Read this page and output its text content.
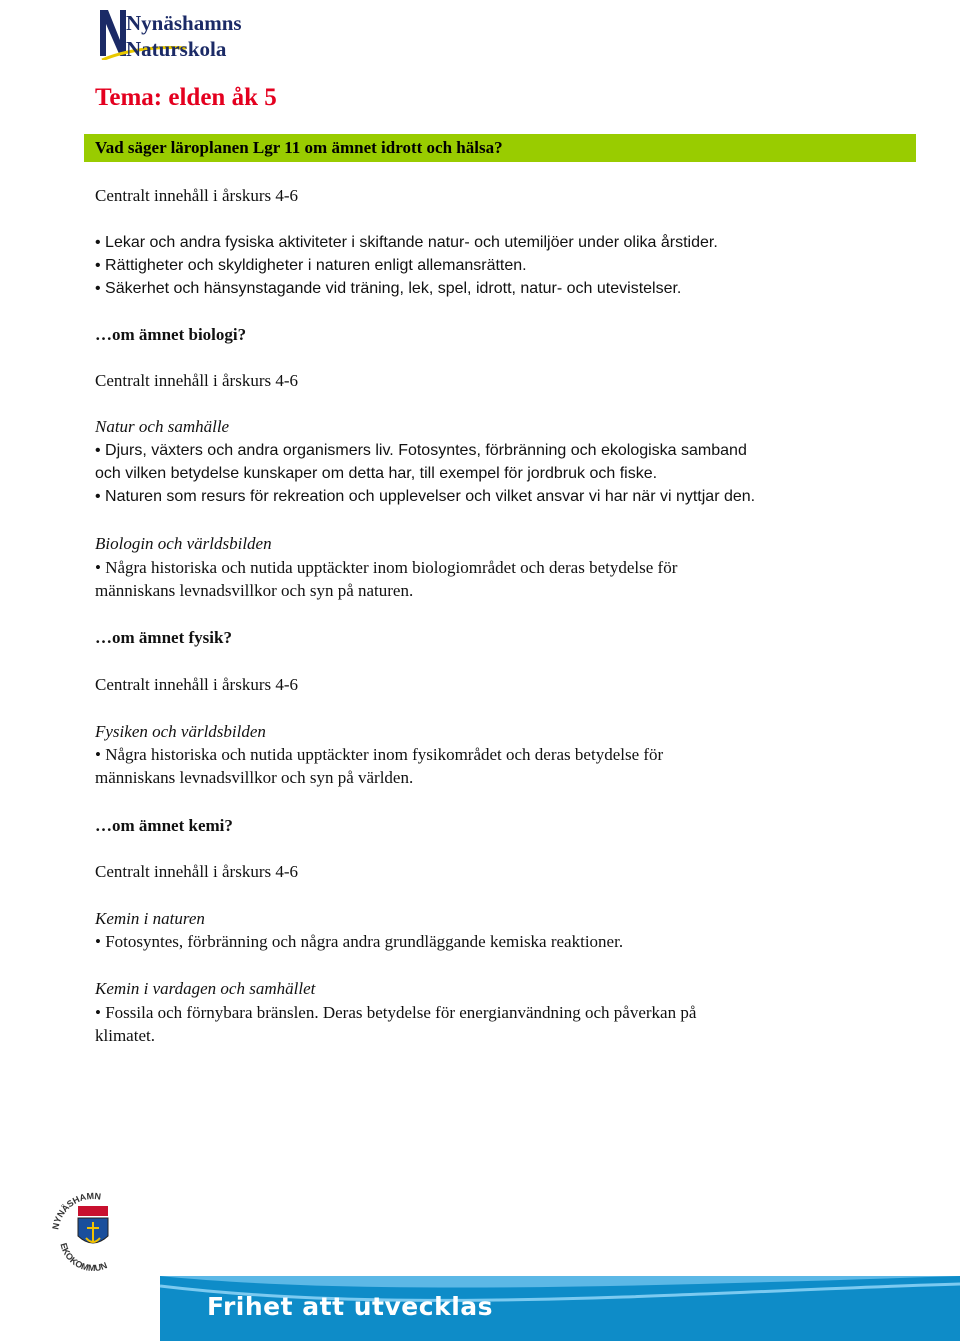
Nynäshamns
Naturskola
Tema: elden åk 5
Vad säger läroplanen Lgr 11 om ämnet idrott och hälsa?
Centralt innehåll i årskurs 4-6
• Lekar och andra fysiska aktiviteter i skiftande natur- och utemiljöer under olika årstider.
• Rättigheter och skyldigheter i naturen enligt allemansrätten.
• Säkerhet och hänsynstagande vid träning, lek, spel, idrott, natur- och utevistelser.
…om ämnet biologi?
Centralt innehåll i årskurs 4-6
Natur och samhälle
• Djurs, växters och andra organismers liv. Fotosyntes, förbränning och ekologiska samband
och vilken betydelse kunskaper om detta har, till exempel för jordbruk och fiske.
• Naturen som resurs för rekreation och upplevelser och vilket ansvar vi har när vi nyttjar den.
Biologin och världsbilden
• Några historiska och nutida upptäckter inom biologiområdet och deras betydelse för
människans levnadsvillkor och syn på naturen.
…om ämnet fysik?
Centralt innehåll i årskurs 4-6
Fysiken och världsbilden
• Några historiska och nutida upptäckter inom fysikområdet och deras betydelse för
människans levnadsvillkor och syn på världen.
…om ämnet kemi?
Centralt innehåll i årskurs 4-6
Kemin i naturen
• Fotosyntes, förbränning och några andra grundläggande kemiska reaktioner.
Kemin i vardagen och samhället
• Fossila och förnybara bränslen. Deras betydelse för energianvändning och påverkan på
klimatet.
NYNÄSHAMN
EKOKOMMUN
Frihet att utvecklas
